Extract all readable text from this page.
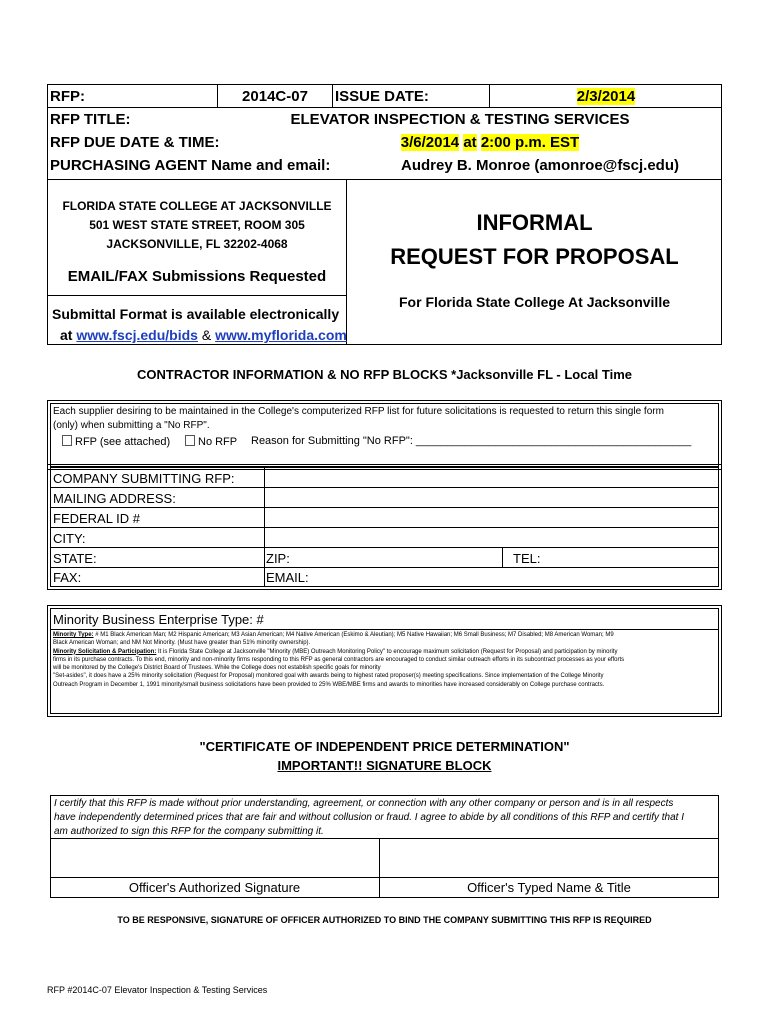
RFP:	2014C-07	ISSUE DATE:	2/3/2014
RFP TITLE:	ELEVATOR INSPECTION & TESTING SERVICES
RFP DUE DATE & TIME:	3/6/2014 at 2:00 p.m. EST
PURCHASING AGENT Name and email:	Audrey B. Monroe (amonroe@fscj.edu)
FLORIDA STATE COLLEGE AT JACKSONVILLE
501 WEST STATE STREET, ROOM 305
JACKSONVILLE, FL 32202-4068
EMAIL/FAX Submissions Requested
Submittal Format is available electronically
at www.fscj.edu/bids & www.myflorida.com
INFORMAL
REQUEST FOR PROPOSAL
For Florida State College At Jacksonville
CONTRACTOR INFORMATION & NO RFP BLOCKS *Jacksonville FL - Local Time
Each supplier desiring to be maintained in the College's computerized RFP list for future solicitations is requested to return this single form
(only) when submitting a "No RFP".
RFP (see attached)	No RFP Reason for Submitting "No RFP": _____________________________________________
COMPANY SUBMITTING RFP:
MAILING ADDRESS:
FEDERAL ID #
CITY:
STATE:	ZIP:	TEL:
FAX:	EMAIL:
Minority Business Enterprise Type: #
Minority Type: # M1 Black American Man; M2 Hispanic American; M3 Asian American; M4 Native American (Eskimo & Aleutian); M5 Native Hawaiian; M6 Small Business; M7 Disabled; M8 American Woman; M9
Black American Woman; and NM Not Minority. (Must have greater than 51% minority ownership).
Minority Solicitation & Participation: It is Florida State College at Jacksonville "Minority (MBE) Outreach Monitoring Policy" to encourage maximum solicitation (Request for Proposal) and participation by minority
firms in its purchase contracts. To this end, minority and non-minority firms responding to this RFP as general contractors are encouraged to conduct similar outreach efforts in its subcontract processes as your efforts
will be monitored by the College's District Board of Trustees. While the College does not establish specific goals for minority
"Set-asides", it does have a 25% minority solicitation (Request for Proposal) monitored goal with awards being to highest rated proposer(s) meeting specifications. Since implementation of the College Minority
Outreach Program in December 1, 1991 minority/small business solicitations have been provided to 25% WBE/MBE firms and awards to minorities have increased considerably on College purchase contracts.
"CERTIFICATE OF INDEPENDENT PRICE DETERMINATION"
IMPORTANT!! SIGNATURE BLOCK
I certify that this RFP is made without prior understanding, agreement, or connection with any other company or person and is in all respects
have independently determined prices that are fair and without collusion or fraud. I agree to abide by all conditions of this RFP and certify that I
am authorized to sign this RFP for the company submitting it.
Officer's Authorized Signature	Officer's Typed Name & Title
TO BE RESPONSIVE, SIGNATURE OF OFFICER AUTHORIZED TO BIND THE COMPANY SUBMITTING THIS RFP IS REQUIRED
RFP #2014C-07 Elevator Inspection & Testing Services
